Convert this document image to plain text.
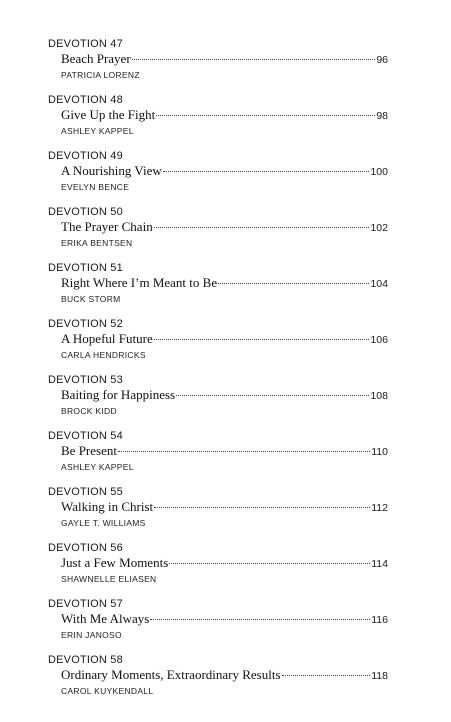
DEVOTION 47
Beach Prayer	96
PATRICIA LORENZ
DEVOTION 48
Give Up the Fight	98
ASHLEY KAPPEL
DEVOTION 49
A Nourishing View	100
EVELYN BENCE
DEVOTION 50
The Prayer Chain	102
ERIKA BENTSEN
DEVOTION 51
Right Where I’m Meant to Be	104
BUCK STORM
DEVOTION 52
A Hopeful Future	106
CARLA HENDRICKS
DEVOTION 53
Baiting for Happiness	108
BROCK KIDD
DEVOTION 54
Be Present	110
ASHLEY KAPPEL
DEVOTION 55
Walking in Christ	112
GAYLE T. WILLIAMS
DEVOTION 56
Just a Few Moments	114
SHAWNELLE ELIASEN
DEVOTION 57
With Me Always	116
ERIN JANOSO
DEVOTION 58
Ordinary Moments, Extraordinary Results	118
CAROL KUYKENDALL
